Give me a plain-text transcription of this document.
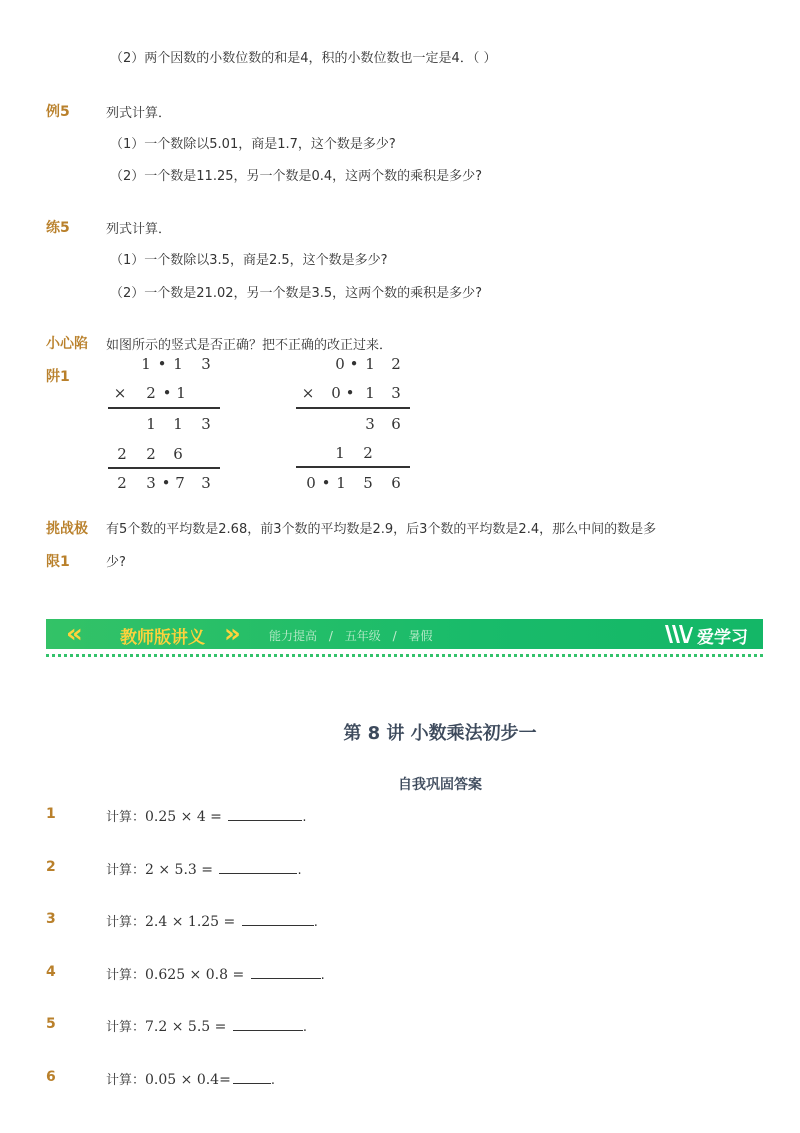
（2）两个因数的小数位数的和是4，积的小数位数也一定是4．（ ）
例5	列式计算．
（1）一个数除以5.01，商是1.7，这个数是多少?
（2）一个数是11.25，另一个数是0.4，这两个数的乘积是多少?
练5	列式计算．
（1）一个数除以3.5，商是2.5，这个数是多少?
（2）一个数是21.02，另一个数是3.5，这两个数的乘积是多少?
小心陷
阱1
如图所示的竖式是否正确？把不正确的改正过来．
1 • 1	3
×	2 • 1
1	1	3
2	2	6
2	3 • 7	3
0 • 1	2
×	0 • 1	3
3	6
1	2
0 • 1	5	6
挑战极
限1
有5个数的平均数是2.68，前3个数的平均数是2.9，后3个数的平均数是2.4，那么中间的数是多
少?
«	教师版讲义 »	能力提高 / 五年级 / 暑假	爱学习
第 8 讲 小数乘法初步一
自我巩固答案
1	计算：0.25 × 4 =	.
2	计算：2 × 5.3 =	.
3	计算：2.4 × 1.25 =	.
4	计算：0.625 × 0.8 =	.
5	计算：7.2 × 5.5 =	.
6	计算：0.05 × 0.4=	.
